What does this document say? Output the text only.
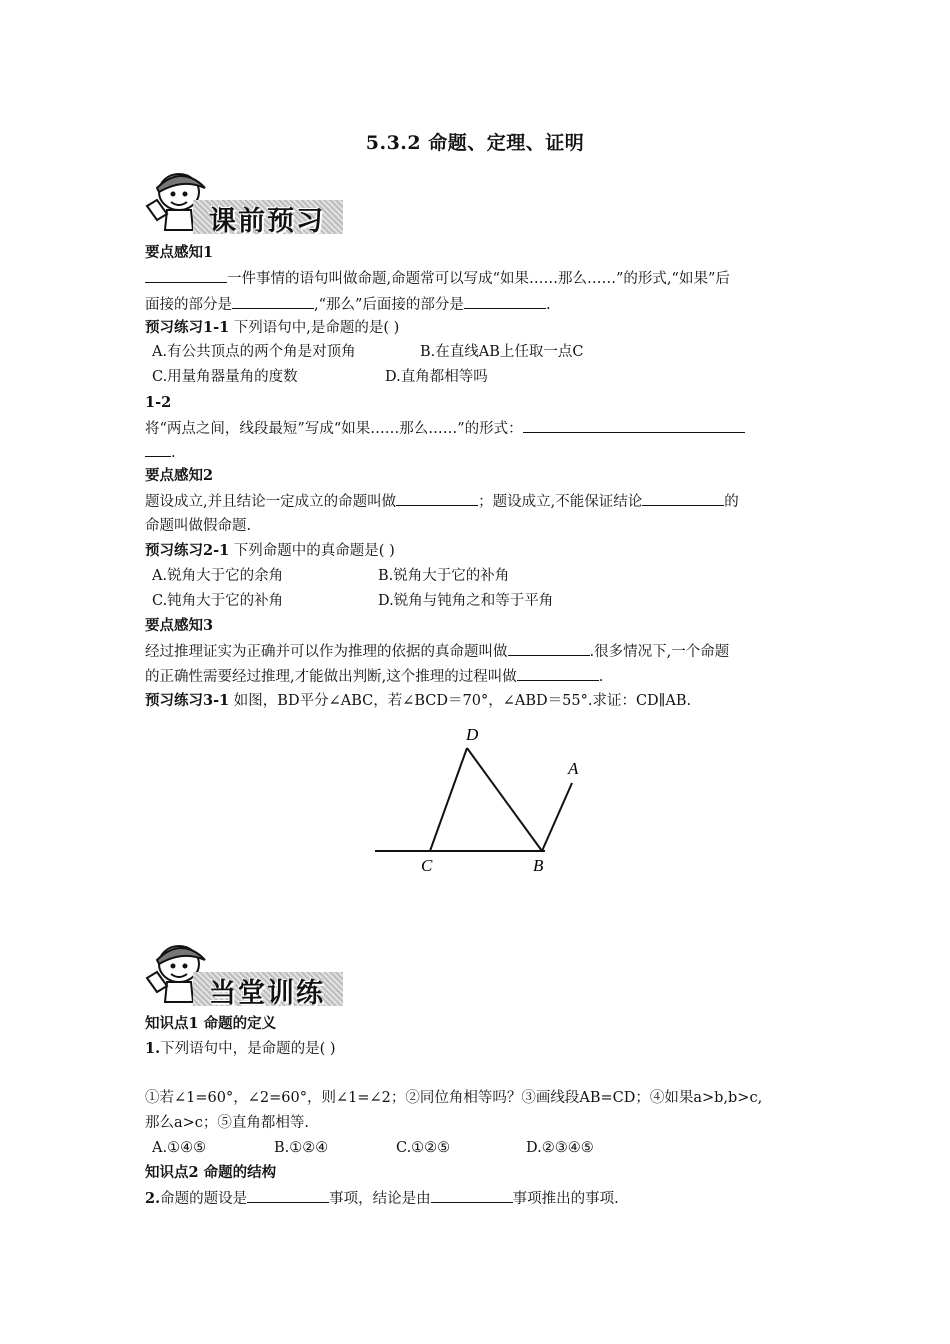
5.3.2 命题、定理、证明
课前预习
要点感知1
一件事情的语句叫做命题,命题常可以写成“如果……那么……”的形式,“如果”后
面接的部分是	,“那么”后面接的部分是	.
预习练习1-1 下列语句中,是命题的是( )
A.有公共顶点的两个角是对顶角	B.在直线AB上任取一点C
C.用量角器量角的度数	D.直角都相等吗
1-2
将“两点之间，线段最短”写成“如果……那么……”的形式：
.
要点感知2
题设成立,并且结论一定成立的命题叫做	；题设成立,不能保证结论	的
命题叫做假命题.
预习练习2-1 下列命题中的真命题是( )
A.锐角大于它的余角	B.锐角大于它的补角
C.钝角大于它的补角	D.锐角与钝角之和等于平角
要点感知3
经过推理证实为正确并可以作为推理的依据的真命题叫做	.很多情况下,一个命题
的正确性需要经过推理,才能做出判断,这个推理的过程叫做	.
预习练习3-1 如图，BD平分∠ABC，若∠BCD＝70°，∠ABD＝55°.求证：CD∥AB.
D
A
C	B
当堂训练
知识点1 命题的定义
1.下列语句中，是命题的是( )
①若∠1=60°，∠2=60°，则∠1=∠2；②同位角相等吗？③画线段AB=CD；④如果a>b,b>c,
那么a>c；⑤直角都相等.
A.①④⑤	B.①②④	C.①②⑤	D.②③④⑤
知识点2 命题的结构
2.命题的题设是	事项，结论是由	事项推出的事项.
